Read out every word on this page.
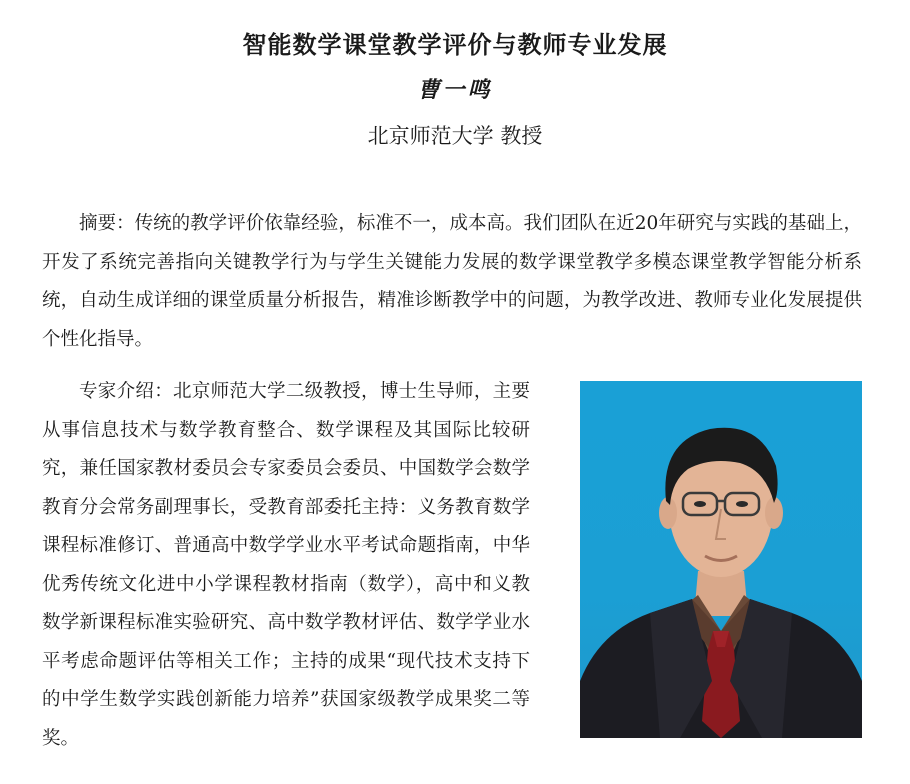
智能数学课堂教学评价与教师专业发展
曹一鸣
北京师范大学 教授

摘要：传统的教学评价依靠经验，标准不一，成本高。我们团队在近20年研究与实践的基础上，开发了系统完善指向关键教学行为与学生关键能力发展的数学课堂教学多模态课堂教学智能分析系统，自动生成详细的课堂质量分析报告，精准诊断教学中的问题，为教学改进、教师专业化发展提供个性化指导。

专家介绍：北京师范大学二级教授，博士生导师，主要从事信息技术与数学教育整合、数学课程及其国际比较研究，兼任国家教材委员会专家委员会委员、中国数学会数学教育分会常务副理事长，受教育部委托主持：义务教育数学课程标准修订、普通高中数学学业水平考试命题指南，中华优秀传统文化进中小学课程教材指南（数学），高中和义教数学新课程标准实验研究、高中数学教材评估、数学学业水平考虑命题评估等相关工作；主持的成果“现代技术支持下的中学生数学实践创新能力培养”获国家级教学成果奖二等奖。
